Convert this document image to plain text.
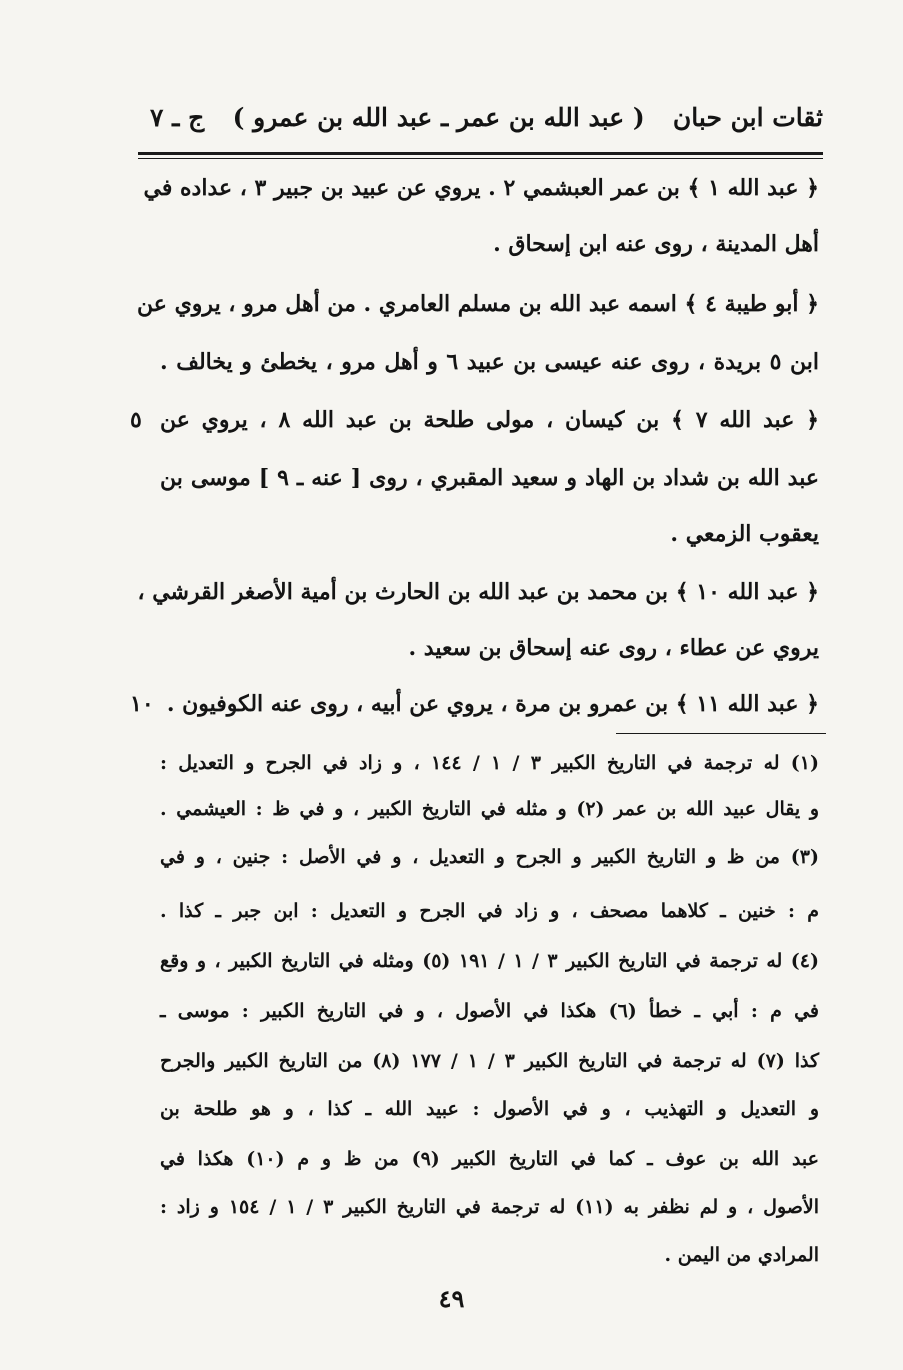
ثقات ابن حبان
( عبد الله بن عمر ـ عبد الله بن عمرو )
ج ـ ٧
﴿ عبد الله ١ ﴾ بن عمر العبشمي ٢ . يروي عن عبيد بن جبير ٣ ، عداده في
أهل المدينة ، روى عنه ابن إسحاق .
﴿ أبو طيبة ٤ ﴾ اسمه عبد الله بن مسلم العامري . من أهل مرو ، يروي عن
ابن ٥ بريدة ، روى عنه عيسى بن عبيد ٦ و أهل مرو ، يخطئ و يخالف .
﴿ عبد الله ٧ ﴾ بن كيسان ، مولى طلحة بن عبد الله ٨ ، يروي عن
٥
عبد الله بن شداد بن الهاد و سعيد المقبري ، روى [ عنه ـ ٩ ] موسى بن
يعقوب الزمعي .
﴿ عبد الله ١٠ ﴾ بن محمد بن عبد الله بن الحارث بن أمية الأصغر القرشي ،
يروي عن عطاء ، روى عنه إسحاق بن سعيد .
﴿ عبد الله ١١ ﴾ بن عمرو بن مرة ، يروي عن أبيه ، روى عنه الكوفيون .
١٠
(١) له ترجمة في التاريخ الكبير ٣ / ١ / ١٤٤ ، و زاد في الجرح و التعديل :
و يقال عبيد الله بن عمر (٢) و مثله في التاريخ الكبير ، و في ظ : العيشمي .
(٣) من ظ و التاريخ الكبير و الجرح و التعديل ، و في الأصل : جنين ، و في
م : خنين ـ كلاهما مصحف ، و زاد في الجرح و التعديل : ابن جبر ـ كذا .
(٤) له ترجمة في التاريخ الكبير ٣ / ١ / ١٩١ (٥) ومثله في التاريخ الكبير ، و وقع
في م : أبي ـ خطأ (٦) هكذا في الأصول ، و في التاريخ الكبير : موسى ـ
كذا (٧) له ترجمة في التاريخ الكبير ٣ / ١ / ١٧٧ (٨) من التاريخ الكبير والجرح
و التعديل و التهذيب ، و في الأصول : عبيد الله ـ كذا ، و هو طلحة بن
عبد الله بن عوف ـ كما في التاريخ الكبير (٩) من ظ و م (١٠) هكذا في
الأصول ، و لم نظفر به (١١) له ترجمة في التاريخ الكبير ٣ / ١ / ١٥٤ و زاد :
المرادي من اليمن .
٤٩
